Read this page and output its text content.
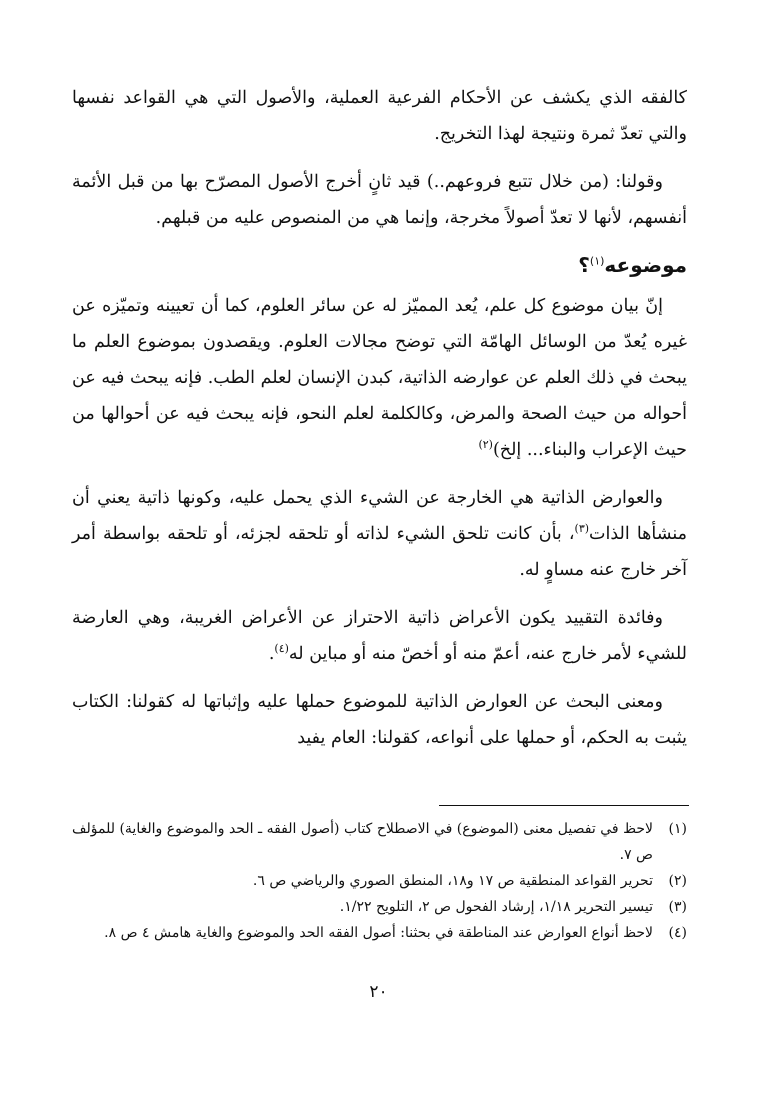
كالفقه الذي يكشف عن الأحكام الفرعية العملية، والأصول التي هي القواعد نفسها والتي تعدّ ثمرة ونتيجة لهذا التخريج.

وقولنا: (من خلال تتبع فروعهم..) قيد ثانٍ أخرج الأصول المصرّح بها من قبل الأئمة أنفسهم، لأنها لا تعدّ أصولاً مخرجة، وإنما هي من المنصوص عليه من قبلهم.

موضوعه$^{(١)}$؟

إنّ بيان موضوع كل علم، يُعد المميّز له عن سائر العلوم، كما أن تعيينه وتميّزه عن غيره يُعدّ من الوسائل الهامّة التي توضح مجالات العلوم. ويقصدون بموضوع العلم ما يبحث في ذلك العلم عن عوارضه الذاتية، كبدن الإنسان لعلم الطب. فإنه يبحث فيه عن أحواله من حيث الصحة والمرض، وكالكلمة لعلم النحو، فإنه يبحث فيه عن أحوالها من حيث الإعراب والبناء... إلخ)$^{(٢)}$

والعوارض الذاتية هي الخارجة عن الشيء الذي يحمل عليه، وكونها ذاتية يعني أن منشأها الذات$^{(٣)}$، بأن كانت تلحق الشيء لذاته أو تلحقه لجزئه، أو تلحقه بواسطة أمر آخر خارج عنه مساوٍ له.

وفائدة التقييد يكون الأعراض ذاتية الاحتراز عن الأعراض الغريبة، وهي العارضة للشيء لأمر خارج عنه، أعمّ منه أو أخصّ منه أو مباين له$^{(٤)}$.

ومعنى البحث عن العوارض الذاتية للموضوع حملها عليه وإثباتها له كقولنا: الكتاب يثبت به الحكم، أو حملها على أنواعه، كقولنا: العام يفيد

(١)
لاحظ في تفصيل معنى (الموضوع) في الاصطلاح كتاب (أصول الفقه ـ الحد والموضوع والغاية) للمؤلف ص ٧.
(٢)
تحرير القواعد المنطقية ص ١٧ و١٨، المنطق الصوري والرياضي ص ٦.
(٣)
تيسير التحرير ١/١٨، إرشاد الفحول ص ٢، التلويح ١/٢٢.
(٤)
لاحظ أنواع العوارض عند المناطقة في بحثنا: أصول الفقه الحد والموضوع والغاية هامش ٤ ص ٨.
٢٠
